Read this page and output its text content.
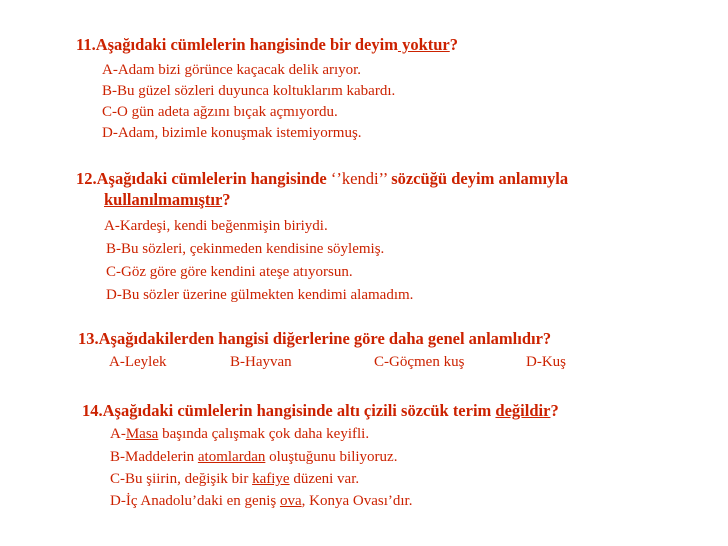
11.Aşağıdaki cümlelerin hangisinde bir deyim yoktur?
A-Adam bizi görünce kaçacak delik arıyor.
B-Bu güzel sözleri duyunca koltuklarım kabardı.
C-O gün adeta ağzını bıçak açmıyordu.
D-Adam, bizimle konuşmak istemiyormuş.
12.Aşağıdaki cümlelerin hangisinde ‘’kendi’’ sözcüğü deyim anlamıyla
kullanılmamıştır?
A-Kardeşi, kendi beğenmişin biriydi.
B-Bu sözleri, çekinmeden kendisine söylemiş.
C-Göz göre göre kendini ateşe atıyorsun.
D-Bu sözler üzerine gülmekten kendimi alamadım.
13.Aşağıdakilerden hangisi diğerlerine göre daha genel anlamlıdır?
A-Leylek	B-Hayvan	C-Göçmen kuş	D-Kuş
14.Aşağıdaki cümlelerin hangisinde altı çizili sözcük terim değildir?
A-Masa başında çalışmak çok daha keyifli.
B-Maddelerin atomlardan oluştuğunu biliyoruz.
C-Bu şiirin, değişik bir kafiye düzeni var.
D-İç Anadolu’daki en geniş ova, Konya Ovası’dır.
